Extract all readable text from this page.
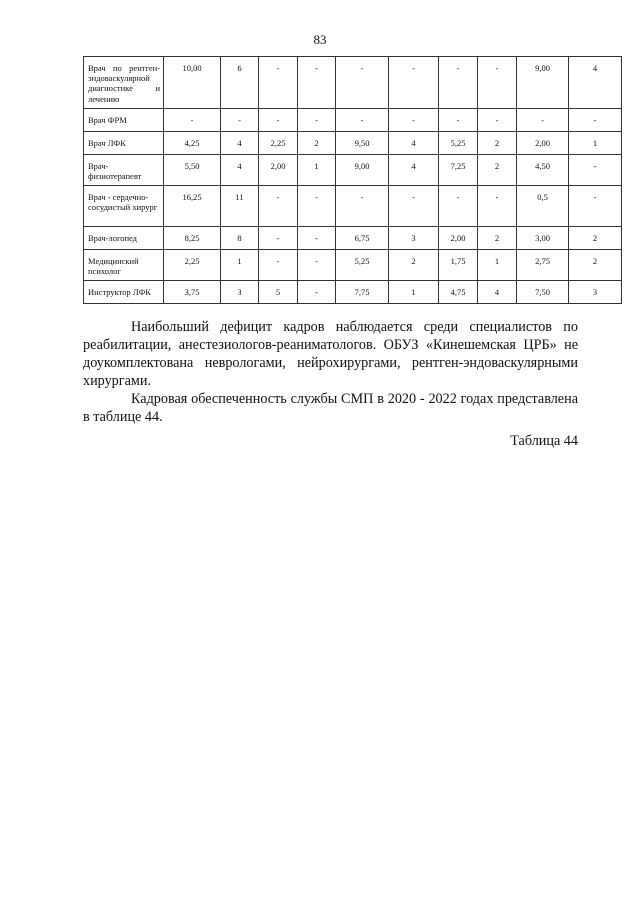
83
Врач по рентген-эндоваскулярной диагностике и лечению	10,00	6	-	-	-	-	-	-	9,00	4
Врач ФРМ	-	-	-	-	-	-	-	-	-	-
Врач ЛФК	4,25	4	2,25	2	9,50	4	5,25	2	2,00	1
Врач-физиотерапевт	5,50	4	2,00	1	9,00	4	7,25	2	4,50	-
Врач - сердечно-сосудистый хирург	16,25	11	-	-	-	-	-	-	0,5	-
Врач-логопед	8,25	8	-	-	6,75	3	2,00	2	3,00	2
Медицинский психолог	2,25	1	-	-	5,25	2	1,75	1	2,75	2
Инструктор ЛФК	3,75	3	5	-	7,75	1	4,75	4	7,50	3

Наибольший дефицит кадров наблюдается среди специалистов по реабилитации, анестезиологов-реаниматологов. ОБУЗ «Кинешемская ЦРБ» не доукомплектована неврологами, нейрохирургами, рентген-эндоваскулярными хирургами.

Кадровая обеспеченность службы СМП в 2020 - 2022 годах представлена в таблице 44.

Таблица 44
